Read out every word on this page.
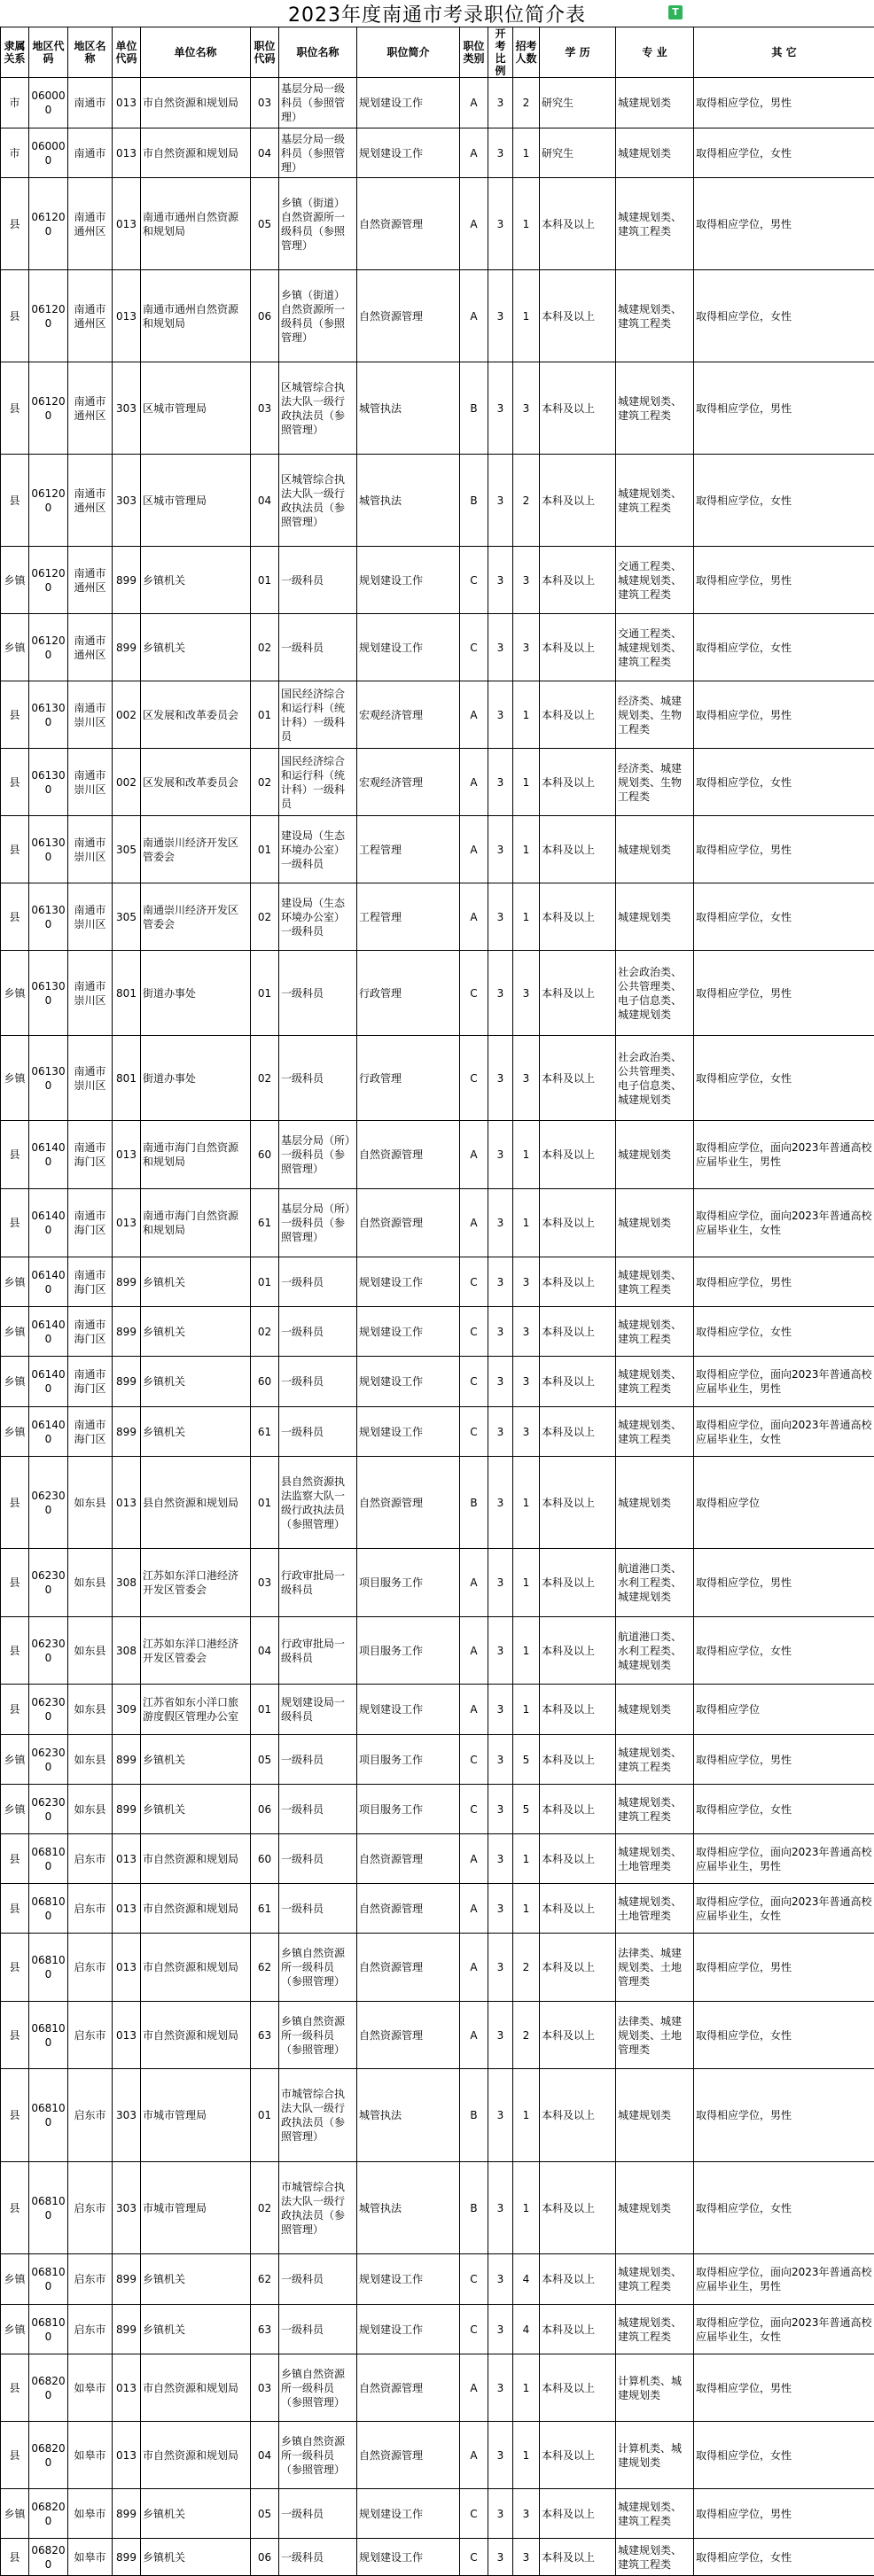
2023年度南通市考录职位简介表	T
隶属关系	地区代码	地区名称	单位代码	单位名称	职位代码	职位名称	职位简介	职位类别	开考比例	招考人数	学 历	专 业	其 它
市	060000	南通市	013	市自然资源和规划局	03	基层分局一级科员（参照管理）	规划建设工作	A	3	2	研究生	城建规划类	取得相应学位，男性
市	060000	南通市	013	市自然资源和规划局	04	基层分局一级科员（参照管理）	规划建设工作	A	3	1	研究生	城建规划类	取得相应学位，女性
县	061200	南通市通州区	013	南通市通州自然资源和规划局	05	乡镇（街道）自然资源所一级科员（参照管理）	自然资源管理	A	3	1	本科及以上	城建规划类、建筑工程类	取得相应学位，男性
县	061200	南通市通州区	013	南通市通州自然资源和规划局	06	乡镇（街道）自然资源所一级科员（参照管理）	自然资源管理	A	3	1	本科及以上	城建规划类、建筑工程类	取得相应学位，女性
县	061200	南通市通州区	303	区城市管理局	03	区城管综合执法大队一级行政执法员（参照管理）	城管执法	B	3	3	本科及以上	城建规划类、建筑工程类	取得相应学位，男性
县	061200	南通市通州区	303	区城市管理局	04	区城管综合执法大队一级行政执法员（参照管理）	城管执法	B	3	2	本科及以上	城建规划类、建筑工程类	取得相应学位，女性
乡镇	061200	南通市通州区	899	乡镇机关	01	一级科员	规划建设工作	C	3	3	本科及以上	交通工程类、城建规划类、建筑工程类	取得相应学位，男性
乡镇	061200	南通市通州区	899	乡镇机关	02	一级科员	规划建设工作	C	3	3	本科及以上	交通工程类、城建规划类、建筑工程类	取得相应学位，女性
县	061300	南通市崇川区	002	区发展和改革委员会	01	国民经济综合和运行科（统计科）一级科员	宏观经济管理	A	3	1	本科及以上	经济类、城建规划类、生物工程类	取得相应学位，男性
县	061300	南通市崇川区	002	区发展和改革委员会	02	国民经济综合和运行科（统计科）一级科员	宏观经济管理	A	3	1	本科及以上	经济类、城建规划类、生物工程类	取得相应学位，女性
县	061300	南通市崇川区	305	南通崇川经济开发区管委会	01	建设局（生态环境办公室）一级科员	工程管理	A	3	1	本科及以上	城建规划类	取得相应学位，男性
县	061300	南通市崇川区	305	南通崇川经济开发区管委会	02	建设局（生态环境办公室）一级科员	工程管理	A	3	1	本科及以上	城建规划类	取得相应学位，女性
乡镇	061300	南通市崇川区	801	街道办事处	01	一级科员	行政管理	C	3	3	本科及以上	社会政治类、公共管理类、电子信息类、城建规划类	取得相应学位，男性
乡镇	061300	南通市崇川区	801	街道办事处	02	一级科员	行政管理	C	3	3	本科及以上	社会政治类、公共管理类、电子信息类、城建规划类	取得相应学位，女性
县	061400	南通市海门区	013	南通市海门自然资源和规划局	60	基层分局（所）一级科员（参照管理）	自然资源管理	A	3	1	本科及以上	城建规划类	取得相应学位，面向2023年普通高校应届毕业生，男性
县	061400	南通市海门区	013	南通市海门自然资源和规划局	61	基层分局（所）一级科员（参照管理）	自然资源管理	A	3	1	本科及以上	城建规划类	取得相应学位，面向2023年普通高校应届毕业生，女性
乡镇	061400	南通市海门区	899	乡镇机关	01	一级科员	规划建设工作	C	3	3	本科及以上	城建规划类、建筑工程类	取得相应学位，男性
乡镇	061400	南通市海门区	899	乡镇机关	02	一级科员	规划建设工作	C	3	3	本科及以上	城建规划类、建筑工程类	取得相应学位，女性
乡镇	061400	南通市海门区	899	乡镇机关	60	一级科员	规划建设工作	C	3	3	本科及以上	城建规划类、建筑工程类	取得相应学位，面向2023年普通高校应届毕业生，男性
乡镇	061400	南通市海门区	899	乡镇机关	61	一级科员	规划建设工作	C	3	3	本科及以上	城建规划类、建筑工程类	取得相应学位，面向2023年普通高校应届毕业生，女性
县	062300	如东县	013	县自然资源和规划局	01	县自然资源执法监察大队一级行政执法员（参照管理）	自然资源管理	B	3	1	本科及以上	城建规划类	取得相应学位
县	062300	如东县	308	江苏如东洋口港经济开发区管委会	03	行政审批局一级科员	项目服务工作	A	3	1	本科及以上	航道港口类、水利工程类、城建规划类	取得相应学位，男性
县	062300	如东县	308	江苏如东洋口港经济开发区管委会	04	行政审批局一级科员	项目服务工作	A	3	1	本科及以上	航道港口类、水利工程类、城建规划类	取得相应学位，女性
县	062300	如东县	309	江苏省如东小洋口旅游度假区管理办公室	01	规划建设局一级科员	规划建设工作	A	3	1	本科及以上	城建规划类	取得相应学位
乡镇	062300	如东县	899	乡镇机关	05	一级科员	项目服务工作	C	3	5	本科及以上	城建规划类、建筑工程类	取得相应学位，男性
乡镇	062300	如东县	899	乡镇机关	06	一级科员	项目服务工作	C	3	5	本科及以上	城建规划类、建筑工程类	取得相应学位，女性
县	068100	启东市	013	市自然资源和规划局	60	一级科员	自然资源管理	A	3	1	本科及以上	城建规划类、土地管理类	取得相应学位，面向2023年普通高校应届毕业生，男性
县	068100	启东市	013	市自然资源和规划局	61	一级科员	自然资源管理	A	3	1	本科及以上	城建规划类、土地管理类	取得相应学位，面向2023年普通高校应届毕业生，女性
县	068100	启东市	013	市自然资源和规划局	62	乡镇自然资源所一级科员（参照管理）	自然资源管理	A	3	2	本科及以上	法律类、城建规划类、土地管理类	取得相应学位，男性
县	068100	启东市	013	市自然资源和规划局	63	乡镇自然资源所一级科员（参照管理）	自然资源管理	A	3	2	本科及以上	法律类、城建规划类、土地管理类	取得相应学位，女性
县	068100	启东市	303	市城市管理局	01	市城管综合执法大队一级行政执法员（参照管理）	城管执法	B	3	1	本科及以上	城建规划类	取得相应学位，男性
县	068100	启东市	303	市城市管理局	02	市城管综合执法大队一级行政执法员（参照管理）	城管执法	B	3	1	本科及以上	城建规划类	取得相应学位，女性
乡镇	068100	启东市	899	乡镇机关	62	一级科员	规划建设工作	C	3	4	本科及以上	城建规划类、建筑工程类	取得相应学位，面向2023年普通高校应届毕业生，男性
乡镇	068100	启东市	899	乡镇机关	63	一级科员	规划建设工作	C	3	4	本科及以上	城建规划类、建筑工程类	取得相应学位，面向2023年普通高校应届毕业生，女性
县	068200	如皋市	013	市自然资源和规划局	03	乡镇自然资源所一级科员（参照管理）	自然资源管理	A	3	1	本科及以上	计算机类、城建规划类	取得相应学位，男性
县	068200	如皋市	013	市自然资源和规划局	04	乡镇自然资源所一级科员（参照管理）	自然资源管理	A	3	1	本科及以上	计算机类、城建规划类	取得相应学位，女性
乡镇	068200	如皋市	899	乡镇机关	05	一级科员	规划建设工作	C	3	3	本科及以上	城建规划类、建筑工程类	取得相应学位，男性
县	068200	如皋市	899	乡镇机关	06	一级科员	规划建设工作	C	3	3	本科及以上	城建规划类、建筑工程类	取得相应学位，女性
